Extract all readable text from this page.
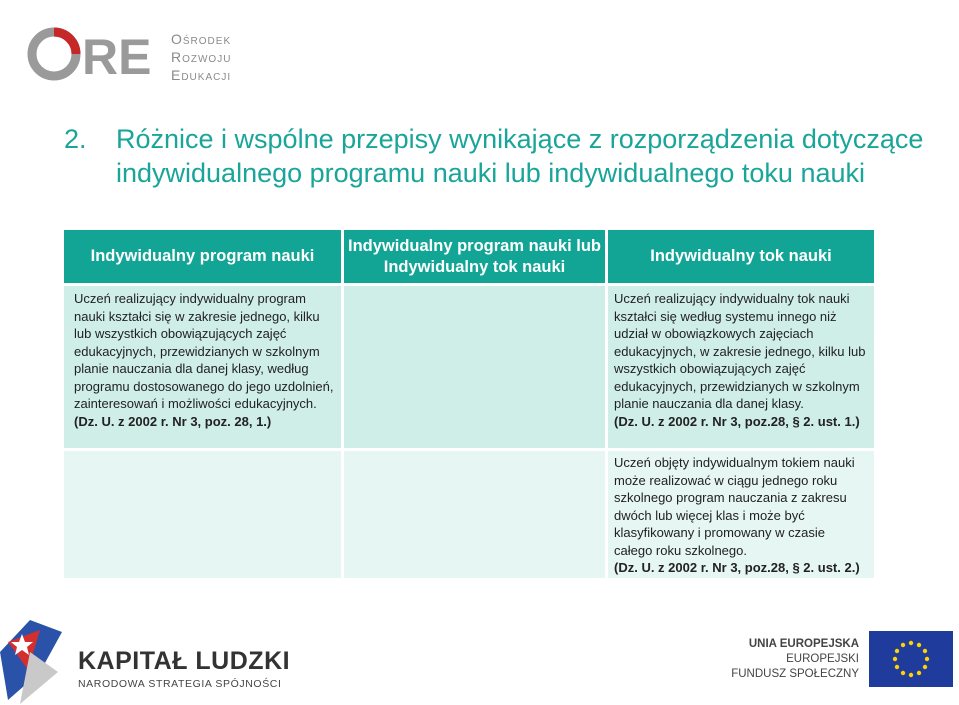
RE Ośrodek
Rozwoju
Edukacji
2.	Różnice i wspólne przepisy wynikające z rozporządzenia dotyczące
indywidualnego programu nauki lub indywidualnego toku nauki
Indywidualny program nauki
Indywidualny program nauki lub Indywidualny tok nauki
Indywidualny tok nauki

Uczeń realizujący indywidualny program nauki kształci się w zakresie jednego, kilku lub wszystkich obowiązujących zajęć edukacyjnych, przewidzianych w szkolnym planie nauczania dla danej klasy, według programu dostosowanego do jego uzdolnień, zainteresowań i możliwości edukacyjnych.

(Dz. U. z 2002 r. Nr 3, poz. 28, 1.)

Uczeń realizujący indywidualny tok nauki kształci się według systemu innego niż udział w obowiązkowych zajęciach edukacyjnych, w zakresie jednego, kilku lub wszystkich obowiązujących zajęć edukacyjnych, przewidzianych w szkolnym planie nauczania dla danej klasy.

(Dz. U. z 2002 r. Nr 3, poz.28, § 2. ust. 1.)

Uczeń objęty indywidualnym tokiem nauki może realizować w ciągu jednego roku szkolnego program nauczania z zakresu dwóch lub więcej klas i może być klasyfikowany i promowany w czasie całego roku szkolnego.

(Dz. U. z 2002 r. Nr 3, poz.28, § 2. ust. 2.)

KAPITAŁ LUDZKI
NARODOWA STRATEGIA SPÓJNOŚCI
UNIA EUROPEJSKA
EUROPEJSKI
FUNDUSZ SPOŁECZNY
